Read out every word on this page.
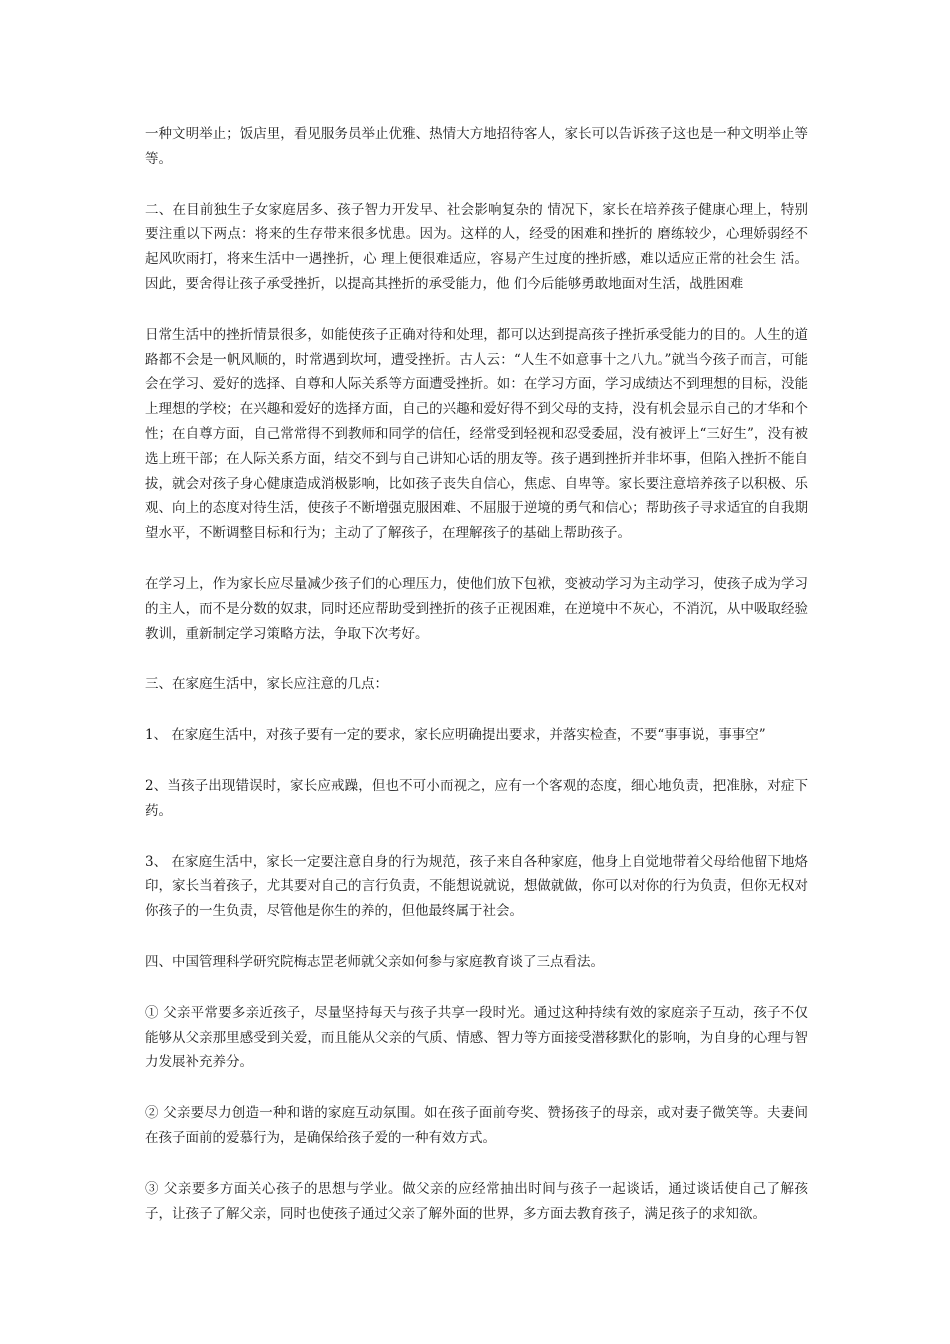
一种文明举止；饭店里，看见服务员举止优雅、热情大方地招待客人，家长可以告诉孩子这也是一种文明举止等等。

二、在目前独生子女家庭居多、孩子智力开发早、社会影响复杂的 情况下，家长在培养孩子健康心理上，特别要注重以下两点：将来的生存带来很多忧患。因为。这样的人，经受的困难和挫折的 磨练较少，心理娇弱经不起风吹雨打，将来生活中一遇挫折，心 理上便很难适应，容易产生过度的挫折感，难以适应正常的社会生 活。因此，要舍得让孩子承受挫折，以提高其挫折的承受能力，他 们今后能够勇敢地面对生活，战胜困难

日常生活中的挫折情景很多，如能使孩子正确对待和处理，都可以达到提高孩子挫折承受能力的目的。人生的道路都不会是一帆风顺的，时常遇到坎坷，遭受挫折。古人云：“人生不如意事十之八九。”就当今孩子而言，可能会在学习、爱好的选择、自尊和人际关系等方面遭受挫折。如：在学习方面，学习成绩达不到理想的目标，没能上理想的学校；在兴趣和爱好的选择方面，自己的兴趣和爱好得不到父母的支持，没有机会显示自己的才华和个性；在自尊方面，自己常常得不到教师和同学的信任，经常受到轻视和忍受委屈，没有被评上“三好生”，没有被选上班干部；在人际关系方面，结交不到与自己讲知心话的朋友等。孩子遇到挫折并非坏事，但陷入挫折不能自拔，就会对孩子身心健康造成消极影响，比如孩子丧失自信心，焦虑、自卑等。家长要注意培养孩子以积极、乐观、向上的态度对待生活，使孩子不断增强克服困难、不屈服于逆境的勇气和信心；帮助孩子寻求适宜的自我期望水平，不断调整目标和行为；主动了了解孩子，在理解孩子的基础上帮助孩子。

在学习上，作为家长应尽量减少孩子们的心理压力，使他们放下包袱，变被动学习为主动学习，使孩子成为学习的主人，而不是分数的奴隶，同时还应帮助受到挫折的孩子正视困难，在逆境中不灰心，不消沉，从中吸取经验教训，重新制定学习策略方法，争取下次考好。

三、在家庭生活中，家长应注意的几点：

1、 在家庭生活中，对孩子要有一定的要求，家长应明确提出要求，并落实检查，不要“事事说，事事空”

2、当孩子出现错误时，家长应戒躁，但也不可小而视之，应有一个客观的态度，细心地负责，把准脉，对症下药。

3、 在家庭生活中，家长一定要注意自身的行为规范，孩子来自各种家庭，他身上自觉地带着父母给他留下地烙印，家长当着孩子，尤其要对自己的言行负责，不能想说就说，想做就做，你可以对你的行为负责，但你无权对你孩子的一生负责，尽管他是你生的养的，但他最终属于社会。

四、中国管理科学研究院梅志罡老师就父亲如何参与家庭教育谈了三点看法。

① 父亲平常要多亲近孩子，尽量坚持每天与孩子共享一段时光。通过这种持续有效的家庭亲子互动，孩子不仅能够从父亲那里感受到关爱，而且能从父亲的气质、情感、智力等方面接受潜移默化的影响，为自身的心理与智力发展补充养分。

② 父亲要尽力创造一种和谐的家庭互动氛围。如在孩子面前夸奖、赞扬孩子的母亲，或对妻子微笑等。夫妻间在孩子面前的爱慕行为，是确保给孩子爱的一种有效方式。

③ 父亲要多方面关心孩子的思想与学业。做父亲的应经常抽出时间与孩子一起谈话，通过谈话使自己了解孩子，让孩子了解父亲，同时也使孩子通过父亲了解外面的世界，多方面去教育孩子，满足孩子的求知欲。
